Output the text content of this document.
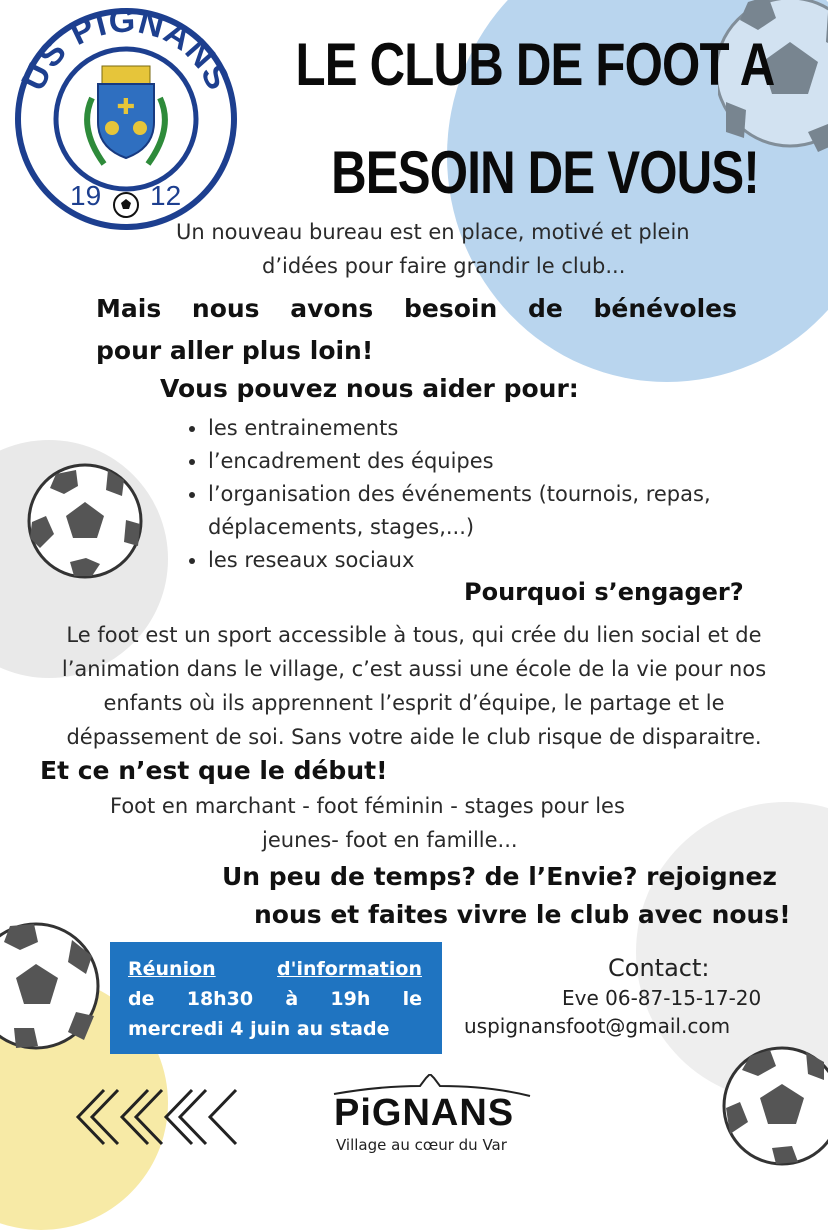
✚
US PIGNANS
19 12
LE CLUB DE FOOT A
BESOIN DE VOUS!
Un nouveau bureau est en place, motivé et plein
d’idées pour faire grandir le club...
Mais nous avons besoin de bénévoles
pour aller plus loin!
Vous pouvez nous aider pour:
• les entrainements
• l’encadrement des équipes
• l’organisation des événements (tournois, repas,
déplacements, stages,...)
• les reseaux sociaux
Pourquoi s’engager?
Le foot est un sport accessible à tous, qui crée du lien social et de
l’animation dans le village, c’est aussi une école de la vie pour nos
enfants où ils apprennent l’esprit d’équipe, le partage et le
dépassement de soi. Sans votre aide le club risque de disparaitre.
Et ce n’est que le début!
Foot en marchant - foot féminin - stages pour les
jeunes- foot en famille...
Un peu de temps? de l’Envie? rejoignez
nous et faites vivre le club avec nous!
Réunion	d'information
de 18h30 à 19h le
mercredi 4 juin au stade
Contact:
Eve 06-87-15-17-20
uspignansfoot@gmail.com
PiGNANS
Village au cœur du Var
